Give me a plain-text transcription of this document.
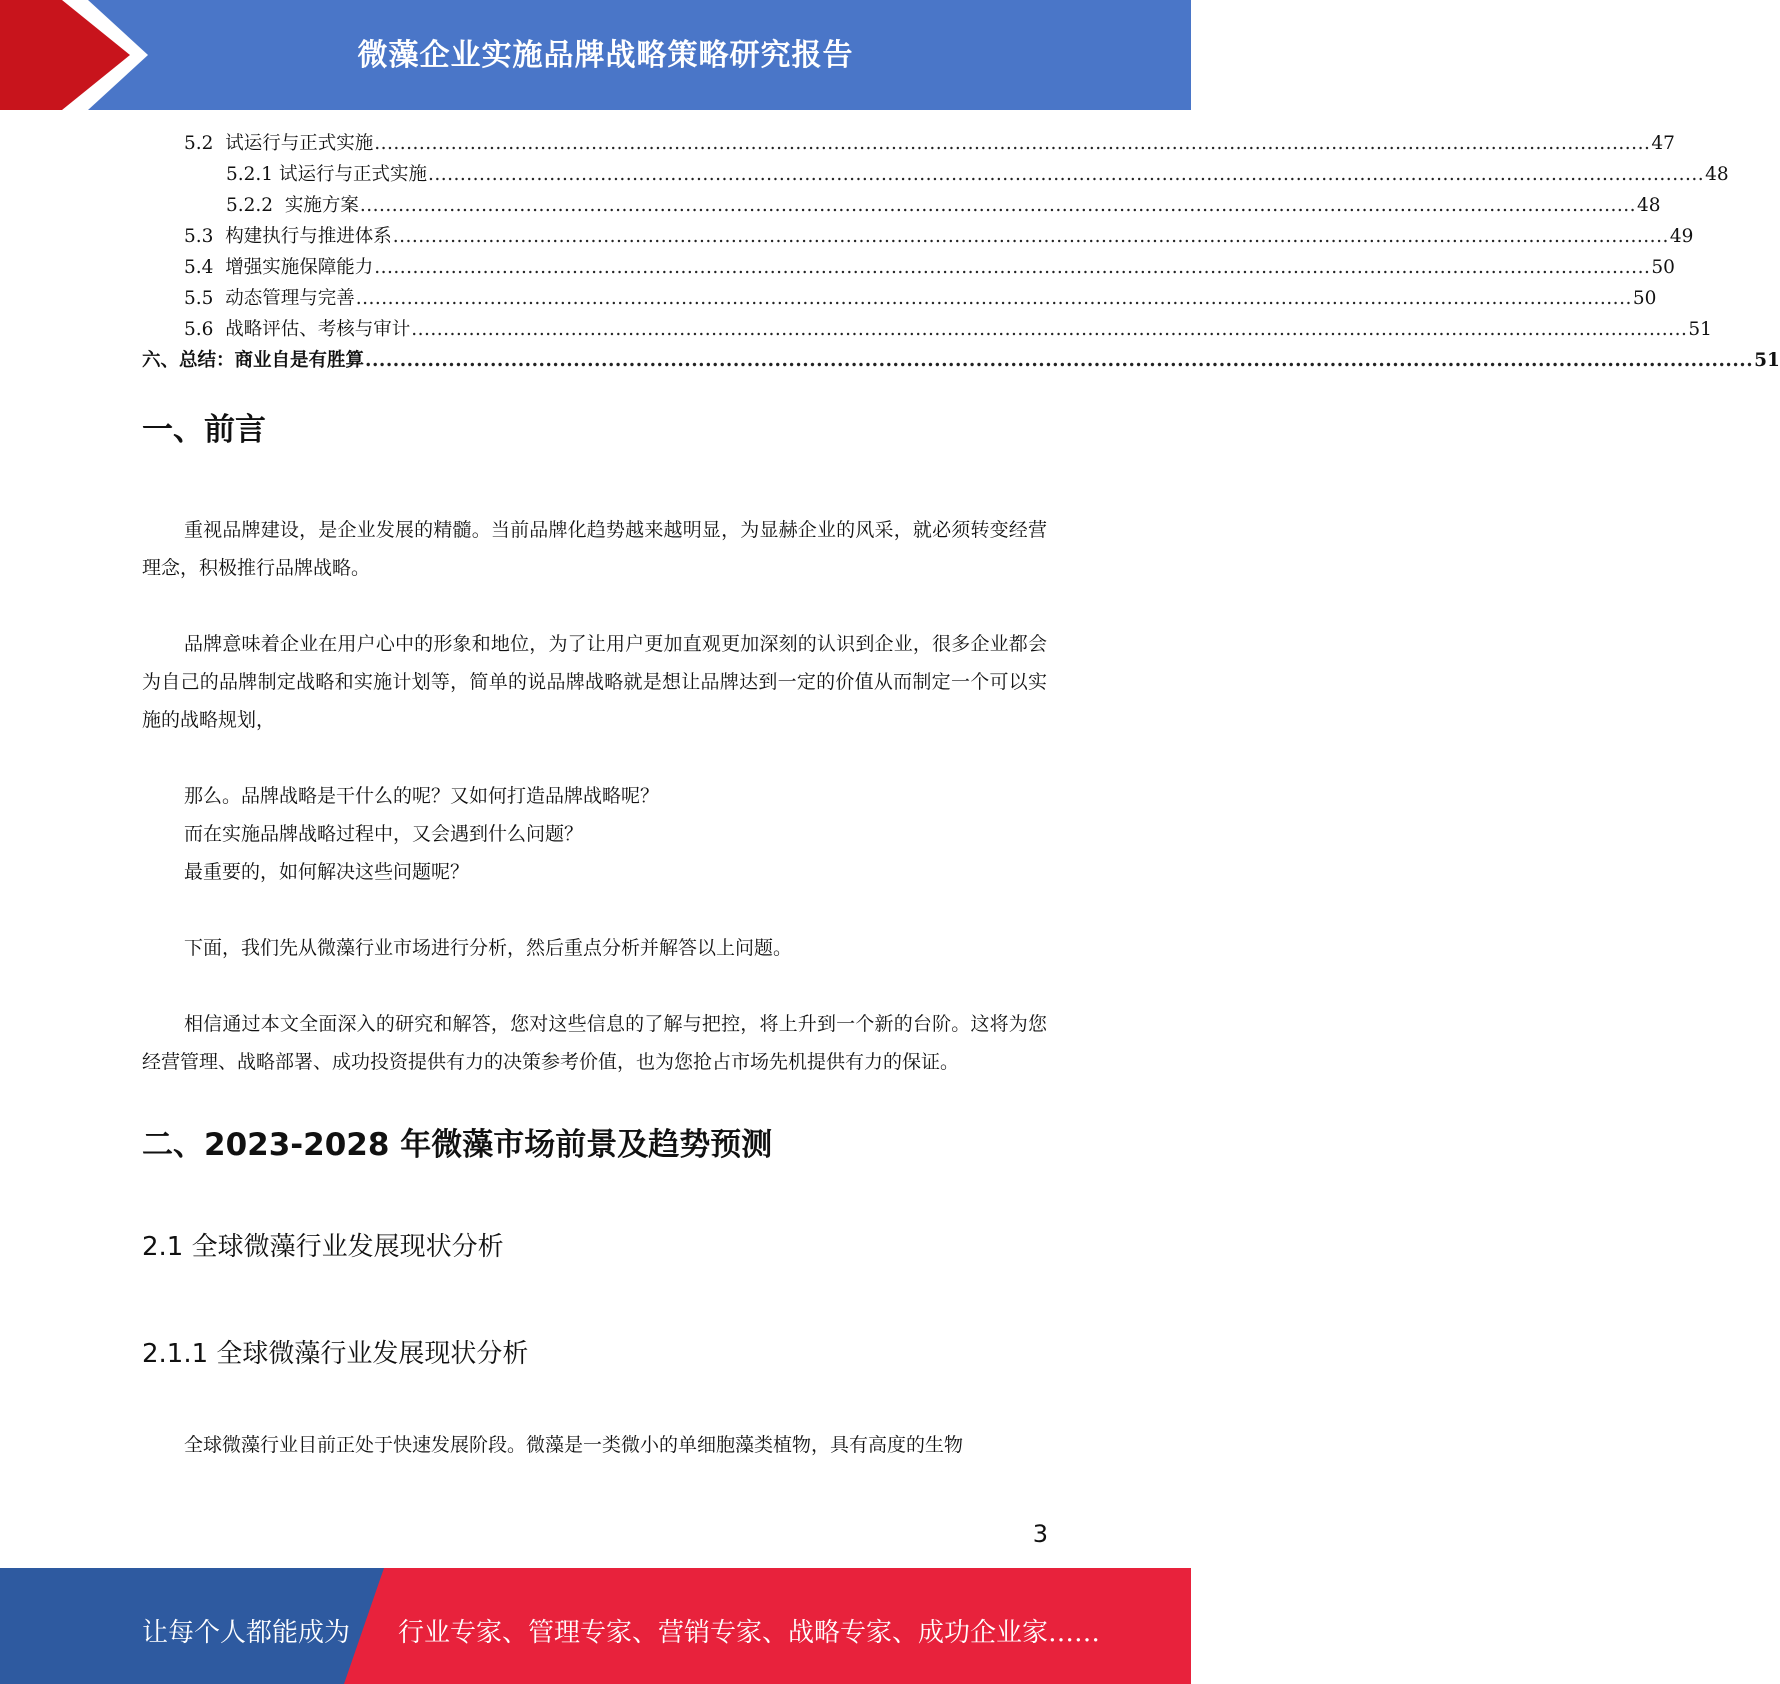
微藻企业实施品牌战略策略研究报告
5.2 试运行与正式实施 ........................................................................................................................................................................................................ 47
5.2.1 试运行与正式实施 ........................................................................................................................................................................................................ 48
5.2.2 实施方案 ........................................................................................................................................................................................................ 48
5.3 构建执行与推进体系 ........................................................................................................................................................................................................ 49
5.4 增强实施保障能力 ........................................................................................................................................................................................................ 50
5.5 动态管理与完善 ........................................................................................................................................................................................................ 50
5.6 战略评估、考核与审计 ........................................................................................................................................................................................................ 51
六、总结：商业自是有胜算 ........................................................................................................................................................................................................ 51
一、前言

重视品牌建设，是企业发展的精髓。当前品牌化趋势越来越明显，为显赫企业的风采，就必须转变经营理念，积极推行品牌战略。

品牌意味着企业在用户心中的形象和地位，为了让用户更加直观更加深刻的认识到企业，很多企业都会为自己的品牌制定战略和实施计划等，简单的说品牌战略就是想让品牌达到一定的价值从而制定一个可以实施的战略规划，

那么。品牌战略是干什么的呢？又如何打造品牌战略呢？

而在实施品牌战略过程中，又会遇到什么问题？

最重要的，如何解决这些问题呢？

下面，我们先从微藻行业市场进行分析，然后重点分析并解答以上问题。

相信通过本文全面深入的研究和解答，您对这些信息的了解与把控，将上升到一个新的台阶。这将为您经营管理、战略部署、成功投资提供有力的决策参考价值，也为您抢占市场先机提供有力的保证。

二、2023-2028 年微藻市场前景及趋势预测
2.1 全球微藻行业发展现状分析
2.1.1 全球微藻行业发展现状分析

全球微藻行业目前正处于快速发展阶段。微藻是一类微小的单细胞藻类植物，具有高度的生物

3
让每个人都能成为 行业专家、管理专家、营销专家、战略专家、成功企业家……
